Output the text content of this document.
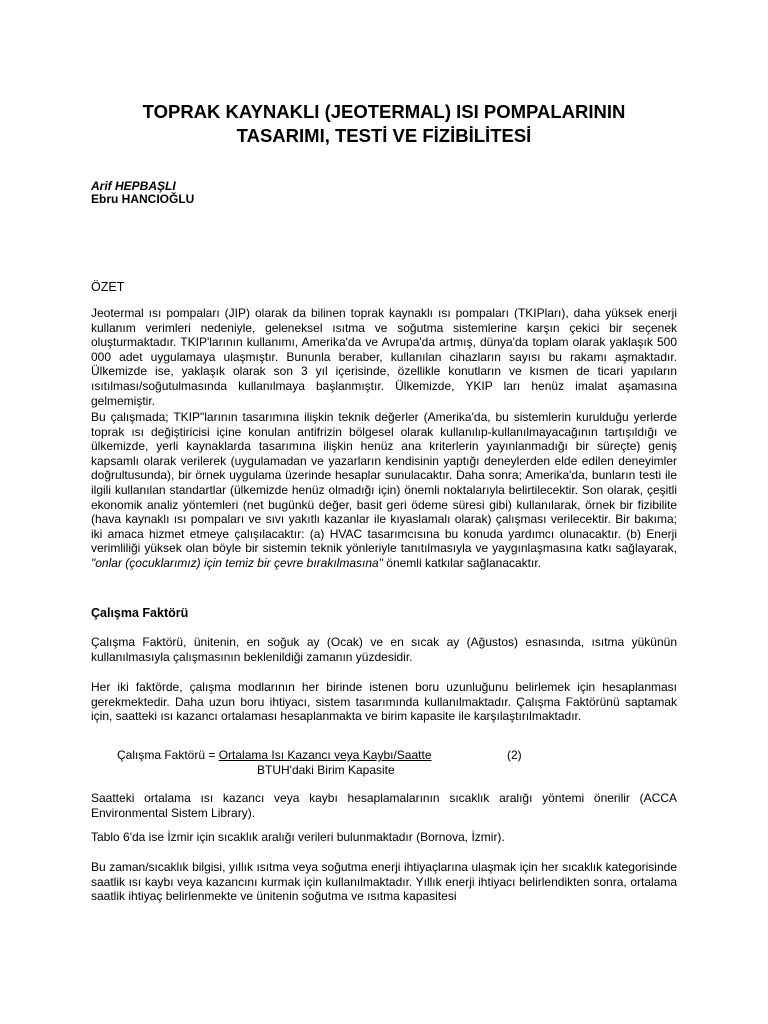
TOPRAK KAYNAKLI (JEOTERMAL) ISI POMPALARININ
TASARIMI, TESTİ VE FİZİBİLİTESİ
Arif HEPBAŞLI
Ebru HANCIOĞLU
ÖZET

Jeotermal ısı pompaları (JIP) olarak da bilinen toprak kaynaklı ısı pompaları (TKIPları), daha yüksek enerji kullanım verimleri nedeniyle, geleneksel ısıtma ve soğutma sistemlerine karşın çekici bir seçenek oluşturmaktadır. TKIP'larının kullanımı, Amerika'da ve Avrupa'da artmış, dünya'da toplam olarak yaklaşık 500 000 adet uygulamaya ulaşmıştır. Bununla beraber, kullanılan cihazların sayısı bu rakamı aşmaktadır. Ülkemizde ise, yaklaşık olarak son 3 yıl içerisinde, özellikle konutların ve kısmen de ticari yapıların ısıtılması/soğutulmasında kullanılmaya başlanmıştır. Ülkemizde, YKIP ları henüz imalat aşamasına gelmemiştir.

Bu çalışmada; TKIP"larının tasarımına ilişkin teknik değerler (Amerika'da, bu sistemlerin kurulduğu yerlerde toprak ısı değiştiricisi içine konulan antifrizin bölgesel olarak kullanılıp-kullanılmayacağının tartışıldığı ve ülkemizde, yerli kaynaklarda tasarımına ilişkin henüz ana kriterlerin yayınlanmadığı bir süreçte) geniş kapsamlı olarak verilerek (uygulamadan ve yazarların kendisinin yaptığı deneylerden elde edilen deneyimler doğrultusunda), bir örnek uygulama üzerinde hesaplar sunulacaktır. Daha sonra; Amerika'da, bunların testi ile ilgili kullanılan standartlar (ülkemizde henüz olmadığı için) önemli noktalarıyla belirtilecektir. Son olarak, çeşitli ekonomik analiz yöntemleri (net bugünkü değer, basit geri ödeme süresi gibi) kullanılarak, örnek bir fizibilite (hava kaynaklı ısı pompaları ve sıvı yakıtlı kazanlar ile kıyaslamalı olarak) çalışması verilecektir. Bir bakıma; iki amaca hizmet etmeye çalışılacaktır: (a) HVAC tasarımcısına bu konuda yardımcı olunacaktır. (b) Enerji verimliliği yüksek olan böyle bir sistemin teknik yönleriyle tanıtılmasıyla ve yaygınlaşmasına katkı sağlayarak, "onlar (çocuklarımız) için temiz bir çevre bırakılmasına" önemli katkılar sağlanacaktır.

Çalışma Faktörü

Çalışma Faktörü, ünitenin, en soğuk ay (Ocak) ve en sıcak ay (Ağustos) esnasında, ısıtma yükünün kullanılmasıyla çalışmasının beklenildiği zamanın yüzdesidir.

Her iki faktörde, çalışma modlarının her birinde istenen boru uzunluğunu belirlemek için hesaplanması gerekmektedir. Daha uzun boru ihtiyacı, sistem tasarımında kullanılmaktadır. Çalışma Faktörünü saptamak için, saatteki ısı kazancı ortalaması hesaplanmakta ve birim kapasite ile karşılaştırılmaktadır.

Çalışma Faktörü = Ortalama Isı Kazancı veya Kaybı/Saatte	(2)
BTUH'daki Birim Kapasite

Saatteki ortalama ısı kazancı veya kaybı hesaplamalarının sıcaklık aralığı yöntemi önerilir (ACCA Environmental Sistem Library).

Tablo 6'da ise İzmir için sıcaklık aralığı verileri bulunmaktadır (Bornova, İzmir).

Bu zaman/sıcaklık bilgisi, yıllık ısıtma veya soğutma enerji ihtiyaçlarına ulaşmak için her sıcaklık kategorisinde saatlik ısı kaybı veya kazancını kurmak için kullanılmaktadır. Yıllık enerji ihtiyacı belirlendikten sonra, ortalama saatlik ihtiyaç belirlenmekte ve ünitenin soğutma ve ısıtma kapasitesi
